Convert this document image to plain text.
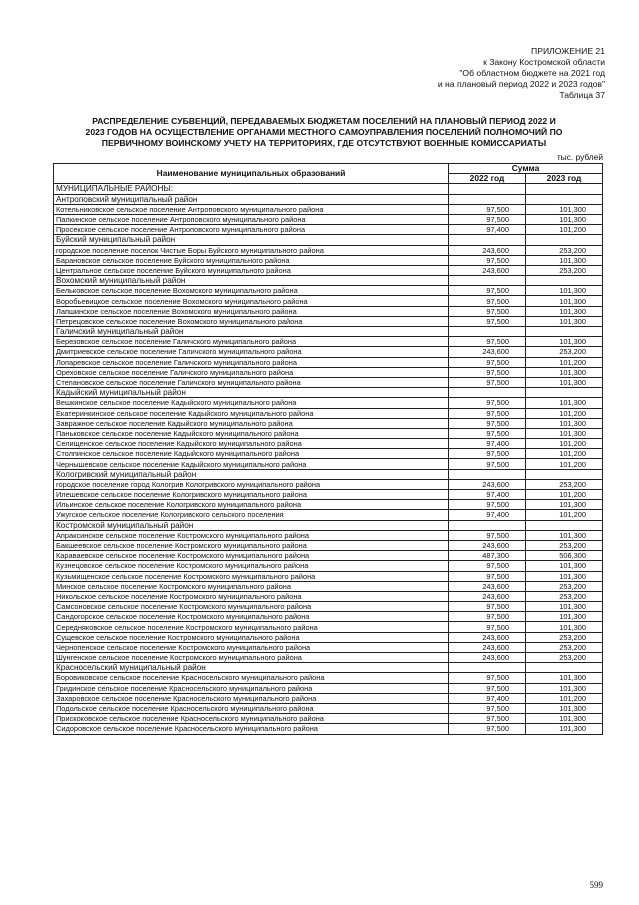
ПРИЛОЖЕНИЕ 21
к Закону Костромской области
"Об областном бюджете на 2021 год
и на плановый период 2022 и 2023 годов"
Таблица 37
РАСПРЕДЕЛЕНИЕ СУБВЕНЦИЙ, ПЕРЕДАВАЕМЫХ БЮДЖЕТАМ ПОСЕЛЕНИЙ НА ПЛАНОВЫЙ ПЕРИОД 2022 И
2023 ГОДОВ НА ОСУЩЕСТВЛЕНИЕ ОРГАНАМИ МЕСТНОГО САМОУПРАВЛЕНИЯ ПОСЕЛЕНИЙ ПОЛНОМОЧИЙ ПО
ПЕРВИЧНОМУ ВОИНСКОМУ УЧЕТУ НА ТЕРРИТОРИЯХ, ГДЕ ОТСУТСТВУЮТ ВОЕННЫЕ КОМИССАРИАТЫ
тыс. рублей
Наименование муниципальных образований	Сумма	
	2022 год	2023 год
МУНИЦИПАЛЬНЫЕ РАЙОНЫ:		
Антроповский муниципальный район		
Котельниковское сельское поселение Антроповского муниципального района	97,500	101,300
Палкинское сельское поселение Антроповского муниципального района	97,500	101,300
Просекское сельское поселение Антроповского муниципального района	97,400	101,200
Буйский муниципальный район		
городское поселение поселок Чистые Боры Буйского муниципального района	243,600	253,200
Барановское сельское поселение Буйского муниципального района	97,500	101,300
Центральное сельское поселение Буйского муниципального района	243,600	253,200
Вохомский муниципальный район		
Бельковское сельское поселение Вохомского муниципального района	97,500	101,300
Воробьевицкое сельское поселение Вохомского муниципального района	97,500	101,300
Лапшинское сельское поселение Вохомского муниципального района	97,500	101,300
Петрецовское сельское поселение Вохомского муниципального района	97,500	101,300
Галичский муниципальный район		
Березовское сельское поселение Галичского муниципального района	97,500	101,300
Дмитриевское сельское поселение Галичского муниципального района	243,600	253,200
Лопаревское сельское поселение Галичского муниципального района	97,500	101,200
Ореховское сельское поселение Галичского муниципального района	97,500	101,300
Степановское сельское поселение Галичского муниципального района	97,500	101,300
Кадыйский муниципальный район		
Вешкинское сельское поселение Кадыйского муниципального района	97,500	101,300
Екатеринкинское сельское поселение Кадыйского муниципального района	97,500	101,200
Завражное сельское поселение Кадыйского муниципального района	97,500	101,300
Паньковское сельское поселение Кадыйского муниципального района	97,500	101,300
Селищенское сельское поселение Кадыйского муниципального района	97,400	101,200
Столпинское сельское поселение Кадыйского муниципального района	97,500	101,200
Чернышевское сельское поселение Кадыйского муниципального района	97,500	101,200
Кологривский муниципальный район		
городское поселение город Кологрив Кологривского муниципального района	243,600	253,200
Илешевское сельское поселение Кологривского муниципального района	97,400	101,200
Ильинское сельское поселение Кологривского муниципального района	97,500	101,300
Ужугское сельское поселение Кологривского сельского поселения	97,400	101,200
Костромской муниципальный район		
Апраксинское сельское поселение Костромского муниципального района	97,500	101,300
Бакшеевское сельское поселение Костромского муниципального района	243,600	253,200
Караваевское сельское поселение Костромского муниципального района	487,300	506,300
Кузнецовское сельское поселение Костромского муниципального района	97,500	101,300
Кузьмищенское сельское поселение Костромского муниципального района	97,500	101,300
Минское сельское поселение Костромского муниципального района	243,600	253,200
Никольское сельское поселение Костромского муниципального района	243,600	253,200
Самсоновское сельское поселение Костромского муниципального района	97,500	101,300
Сандогорское сельское поселение Костромского муниципального района	97,500	101,300
Середняковское сельское поселение Костромского муниципального района	97,500	101,300
Сущевское сельское поселение Костромского муниципального района	243,600	253,200
Чернопенское сельское поселение Костромского муниципального района	243,600	253,200
Шунгенское сельское поселение Костромского муниципального района	243,600	253,200
Красносельский муниципальный район		
Боровиковское сельское поселение Красносельского муниципального района	97,500	101,300
Гридинское сельское поселение Красносельского муниципального района	97,500	101,300
Захаровское сельское поселение Красносельского муниципального района	97,400	101,200
Подольское сельское поселение Красносельского муниципального района	97,500	101,300
Прискоковское сельское поселение Красносельского муниципального района	97,500	101,300
Сидоровское сельское поселение Красносельского муниципального района	97,500	101,300
599
